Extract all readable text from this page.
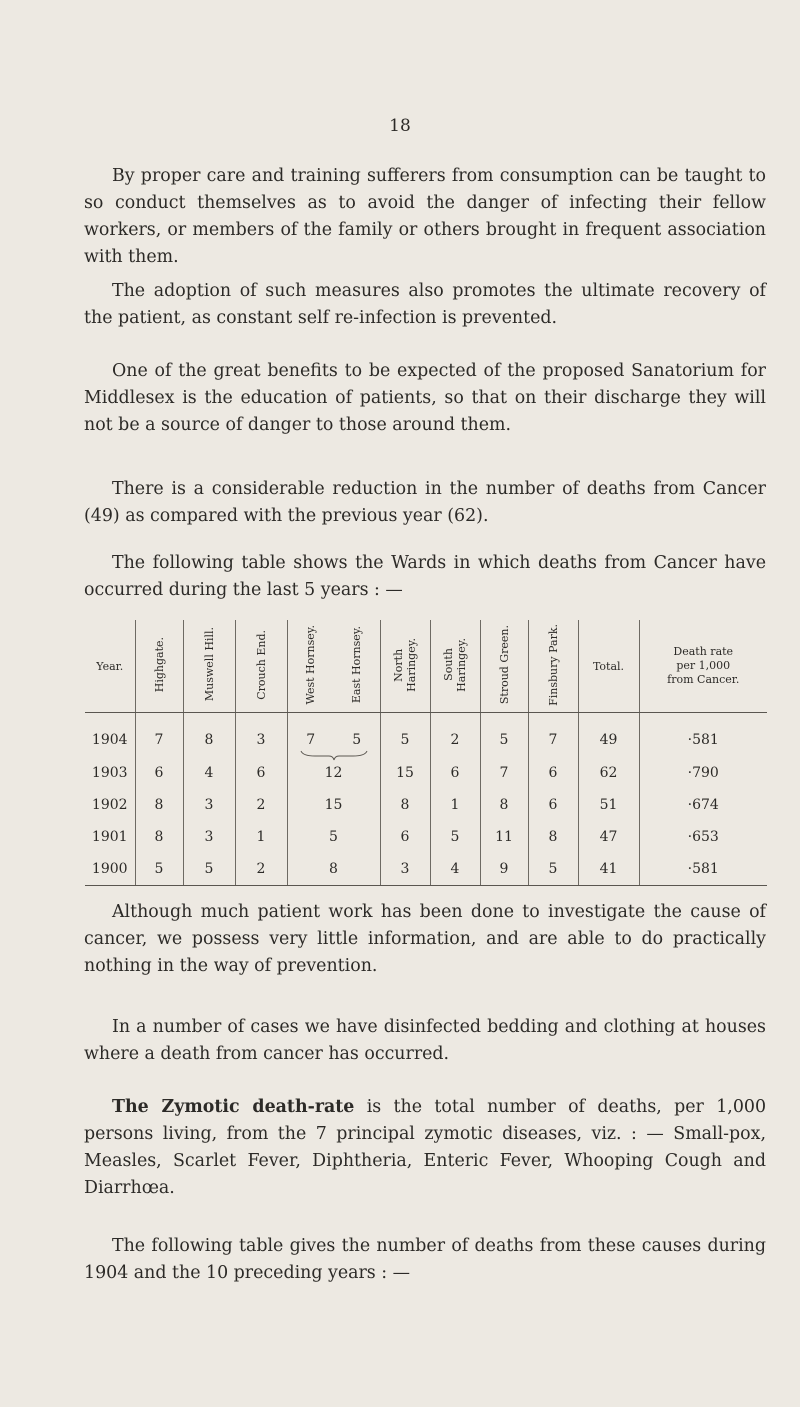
18

By proper care and training sufferers from consumption can be taught to so conduct themselves as to avoid the danger of infecting their fellow workers, or members of the family or others brought in frequent association with them.

The adoption of such measures also promotes the ultimate recovery of the patient, as constant self re-infection is prevented.

One of the great benefits to be expected of the proposed Sanatorium for Middlesex is the education of patients, so that on their discharge they will not be a source of danger to those around them.

There is a considerable reduction in the number of deaths from Cancer (49) as compared with the previous year (62).

The following table shows the Wards in which deaths from Cancer have occurred during the last 5 years : —

Year.	Highgate.	Muswell Hill.	Crouch End.	West Hornsey.	East Hornsey.	North
Haringey.	South
Haringey.	Stroud Green.	Finsbury Park.	Total.	Death rate
per 1,000
from Cancer.
1904	7	8	3	7	5	5	2	5	7	49	·581
1903	6	4	6	12		15	6	7	6	62	·790
1902	8	3	2	15		8	1	8	6	51	·674
1901	8	3	1	5		6	5	11	8	47	·653
1900	5	5	2	8		3	4	9	5	41	·581

Although much patient work has been done to investigate the cause of cancer, we possess very little information, and are able to do practically nothing in the way of prevention.

In a number of cases we have disinfected bedding and clothing at houses where a death from cancer has occurred.

The Zymotic death-rate is the total number of deaths, per 1,000 persons living, from the 7 principal zymotic diseases, viz. : — Small-pox, Measles, Scarlet Fever, Diphtheria, Enteric Fever, Whooping Cough and Diarrhœa.

The following table gives the number of deaths from these causes during 1904 and the 10 preceding years : —
